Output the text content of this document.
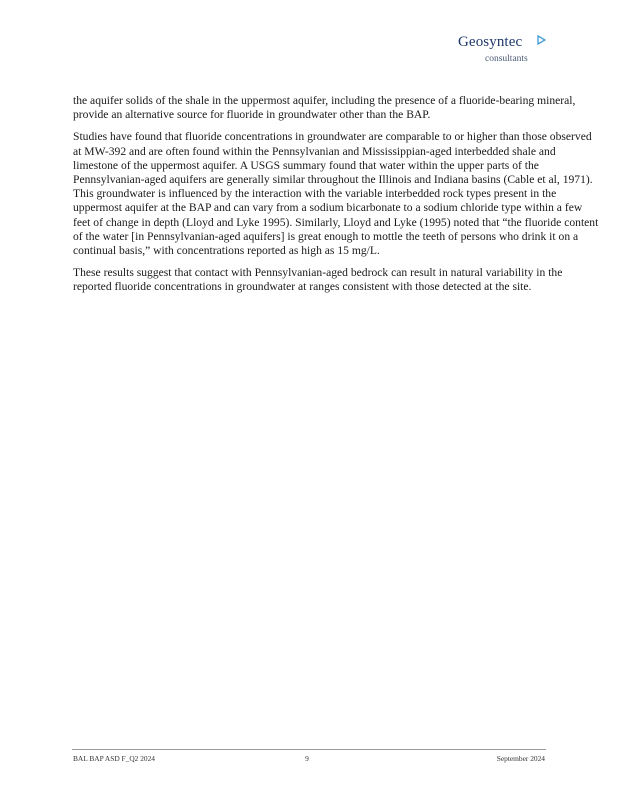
Geosyntec
consultants

the aquifer solids of the shale in the uppermost aquifer, including the presence of a fluoride-bearing mineral, provide an alternative source for fluoride in groundwater other than the BAP.

Studies have found that fluoride concentrations in groundwater are comparable to or higher than those observed at MW-392 and are often found within the Pennsylvanian and Mississippian-aged interbedded shale and limestone of the uppermost aquifer. A USGS summary found that water within the upper parts of the Pennsylvanian-aged aquifers are generally similar throughout the Illinois and Indiana basins (Cable et al, 1971). This groundwater is influenced by the interaction with the variable interbedded rock types present in the uppermost aquifer at the BAP and can vary from a sodium bicarbonate to a sodium chloride type within a few feet of change in depth (Lloyd and Lyke 1995). Similarly, Lloyd and Lyke (1995) noted that “the fluoride content of the water [in Pennsylvanian-aged aquifers] is great enough to mottle the teeth of persons who drink it on a continual basis,” with concentrations reported as high as 15 mg/L.

These results suggest that contact with Pennsylvanian-aged bedrock can result in natural variability in the reported fluoride concentrations in groundwater at ranges consistent with those detected at the site.

BAL BAP ASD F_Q2 2024	9	September 2024
